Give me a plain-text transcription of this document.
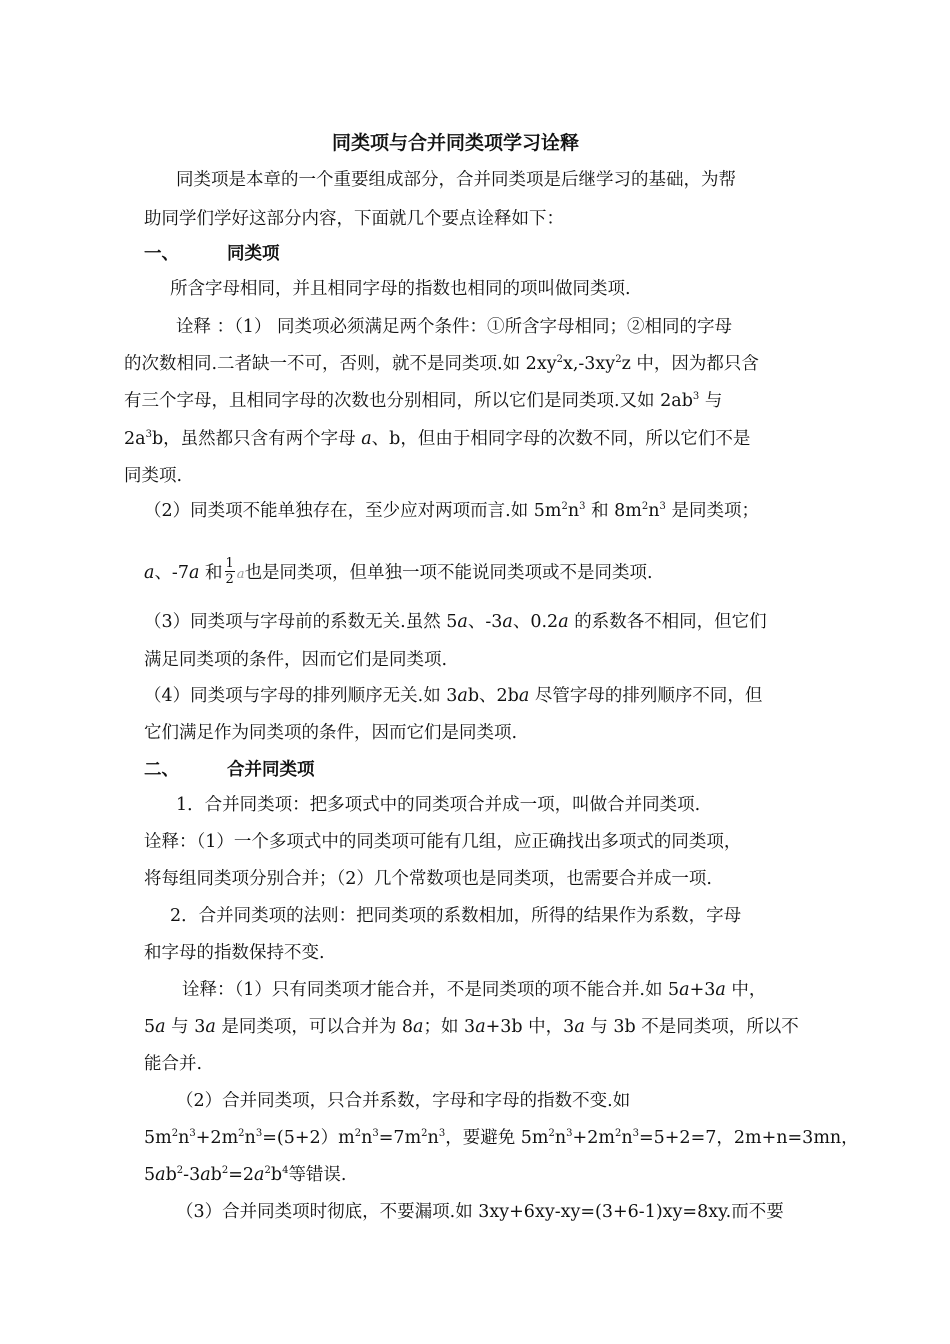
同类项与合并同类项学习诠释
同类项是本章的一个重要组成部分，合并同类项是后继学习的基础，为帮
助同学们学好这部分内容，下面就几个要点诠释如下：
一、	同类项
所含字母相同，并且相同字母的指数也相同的项叫做同类项.
诠释 ：（1） 同类项必须满足两个条件：①所含字母相同；②相同的字母
的次数相同.二者缺一不可，否则，就不是同类项.如 $2xy^2x,-3xy^2z$ 中，因为都只含
有三个字母，且相同字母的次数也分别相同，所以它们是同类项.又如 $2ab^3$ 与
$2a^3b$，虽然都只含有两个字母 a、b，但由于相同字母的次数不同，所以它们不是
同类项.
（2）同类项不能单独存在，至少应对两项而言.如 $5m^2n^3$ 和 $8m^2n^3$ 是同类项；
a、-7a 和 $\frac{1}{2}$ a也是同类项，但单独一项不能说同类项或不是同类项.
（3）同类项与字母前的系数无关.虽然 5a、-3a、0.2a 的系数各不相同，但它们
满足同类项的条件，因而它们是同类项.
（4）同类项与字母的排列顺序无关.如 3ab、2ba 尽管字母的排列顺序不同，但
它们满足作为同类项的条件，因而它们是同类项.
二、	合并同类项
1．合并同类项：把多项式中的同类项合并成一项，叫做合并同类项.
诠释：（1）一个多项式中的同类项可能有几组，应正确找出多项式的同类项，
将每组同类项分别合并；（2）几个常数项也是同类项，也需要合并成一项.
2．合并同类项的法则：把同类项的系数相加，所得的结果作为系数，字母
和字母的指数保持不变.
诠释：（1）只有同类项才能合并，不是同类项的项不能合并.如 5a+3a 中，
5a 与 3a 是同类项，可以合并为 8a；如 3a+3b 中，3a 与 3b 不是同类项，所以不
能合并.
（2）合并同类项，只合并系数，字母和字母的指数不变.如
$5m^2n^3+2m^2n^3=(5+2)m^2n^3=7m^2n^3$，要避免 $5m^2n^3+2m^2n^3=5+2=7$，2m+n=3mn，
$5ab^2-3ab^2=2a^2b^4$等错误.
（3）合并同类项时彻底，不要漏项.如 3xy+6xy-xy=(3+6-1)xy=8xy.而不要
